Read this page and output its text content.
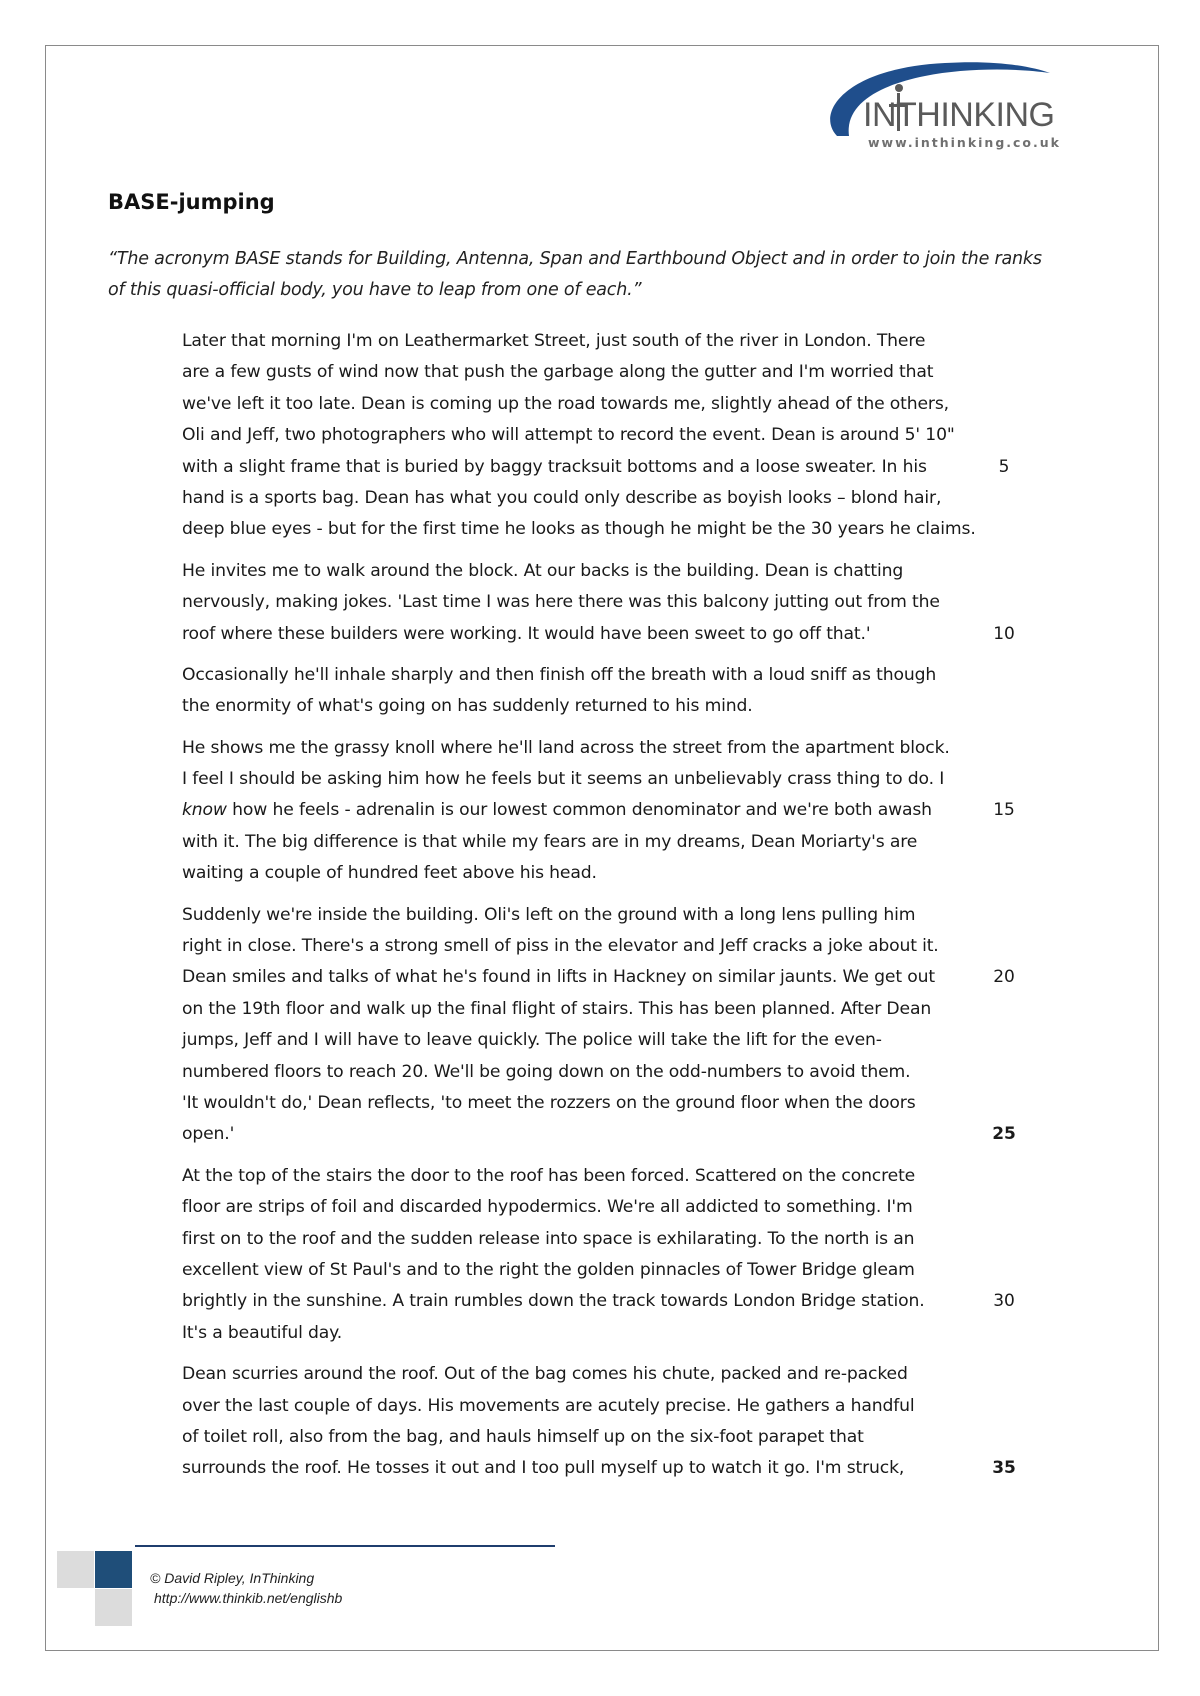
INTHINKING
www.inthinking.co.uk
BASE-jumping
“The acronym BASE stands for Building, Antenna, Span and Earthbound Object and in order to join the ranks
of this quasi-official body, you have to leap from one of each.”
Later that morning I'm on Leathermarket Street, just south of the river in London. There
are a few gusts of wind now that push the garbage along the gutter and I'm worried that
we've left it too late. Dean is coming up the road towards me, slightly ahead of the others,
Oli and Jeff, two photographers who will attempt to record the event. Dean is around 5' 10"
with a slight frame that is buried by baggy tracksuit bottoms and a loose sweater. In his	5
hand is a sports bag. Dean has what you could only describe as boyish looks – blond hair,
deep blue eyes - but for the first time he looks as though he might be the 30 years he claims.
He invites me to walk around the block. At our backs is the building. Dean is chatting
nervously, making jokes. 'Last time I was here there was this balcony jutting out from the
roof where these builders were working. It would have been sweet to go off that.'	10
Occasionally he'll inhale sharply and then finish off the breath with a loud sniff as though
the enormity of what's going on has suddenly returned to his mind.
He shows me the grassy knoll where he'll land across the street from the apartment block.
I feel I should be asking him how he feels but it seems an unbelievably crass thing to do. I
know how he feels - adrenalin is our lowest common denominator and we're both awash	15
with it. The big difference is that while my fears are in my dreams, Dean Moriarty's are
waiting a couple of hundred feet above his head.
Suddenly we're inside the building. Oli's left on the ground with a long lens pulling him
right in close. There's a strong smell of piss in the elevator and Jeff cracks a joke about it.
Dean smiles and talks of what he's found in lifts in Hackney on similar jaunts. We get out	20
on the 19th floor and walk up the final flight of stairs. This has been planned. After Dean
jumps, Jeff and I will have to leave quickly. The police will take the lift for the even-
numbered floors to reach 20. We'll be going down on the odd-numbers to avoid them.
'It wouldn't do,' Dean reflects, 'to meet the rozzers on the ground floor when the doors
open.'	25
At the top of the stairs the door to the roof has been forced. Scattered on the concrete
floor are strips of foil and discarded hypodermics. We're all addicted to something. I'm
first on to the roof and the sudden release into space is exhilarating. To the north is an
excellent view of St Paul's and to the right the golden pinnacles of Tower Bridge gleam
brightly in the sunshine. A train rumbles down the track towards London Bridge station.	30
It's a beautiful day.
Dean scurries around the roof. Out of the bag comes his chute, packed and re-packed
over the last couple of days. His movements are acutely precise. He gathers a handful
of toilet roll, also from the bag, and hauls himself up on the six-foot parapet that
surrounds the roof. He tosses it out and I too pull myself up to watch it go. I'm struck,	35

© David Ripley, InThinking

http://www.thinkib.net/englishb
